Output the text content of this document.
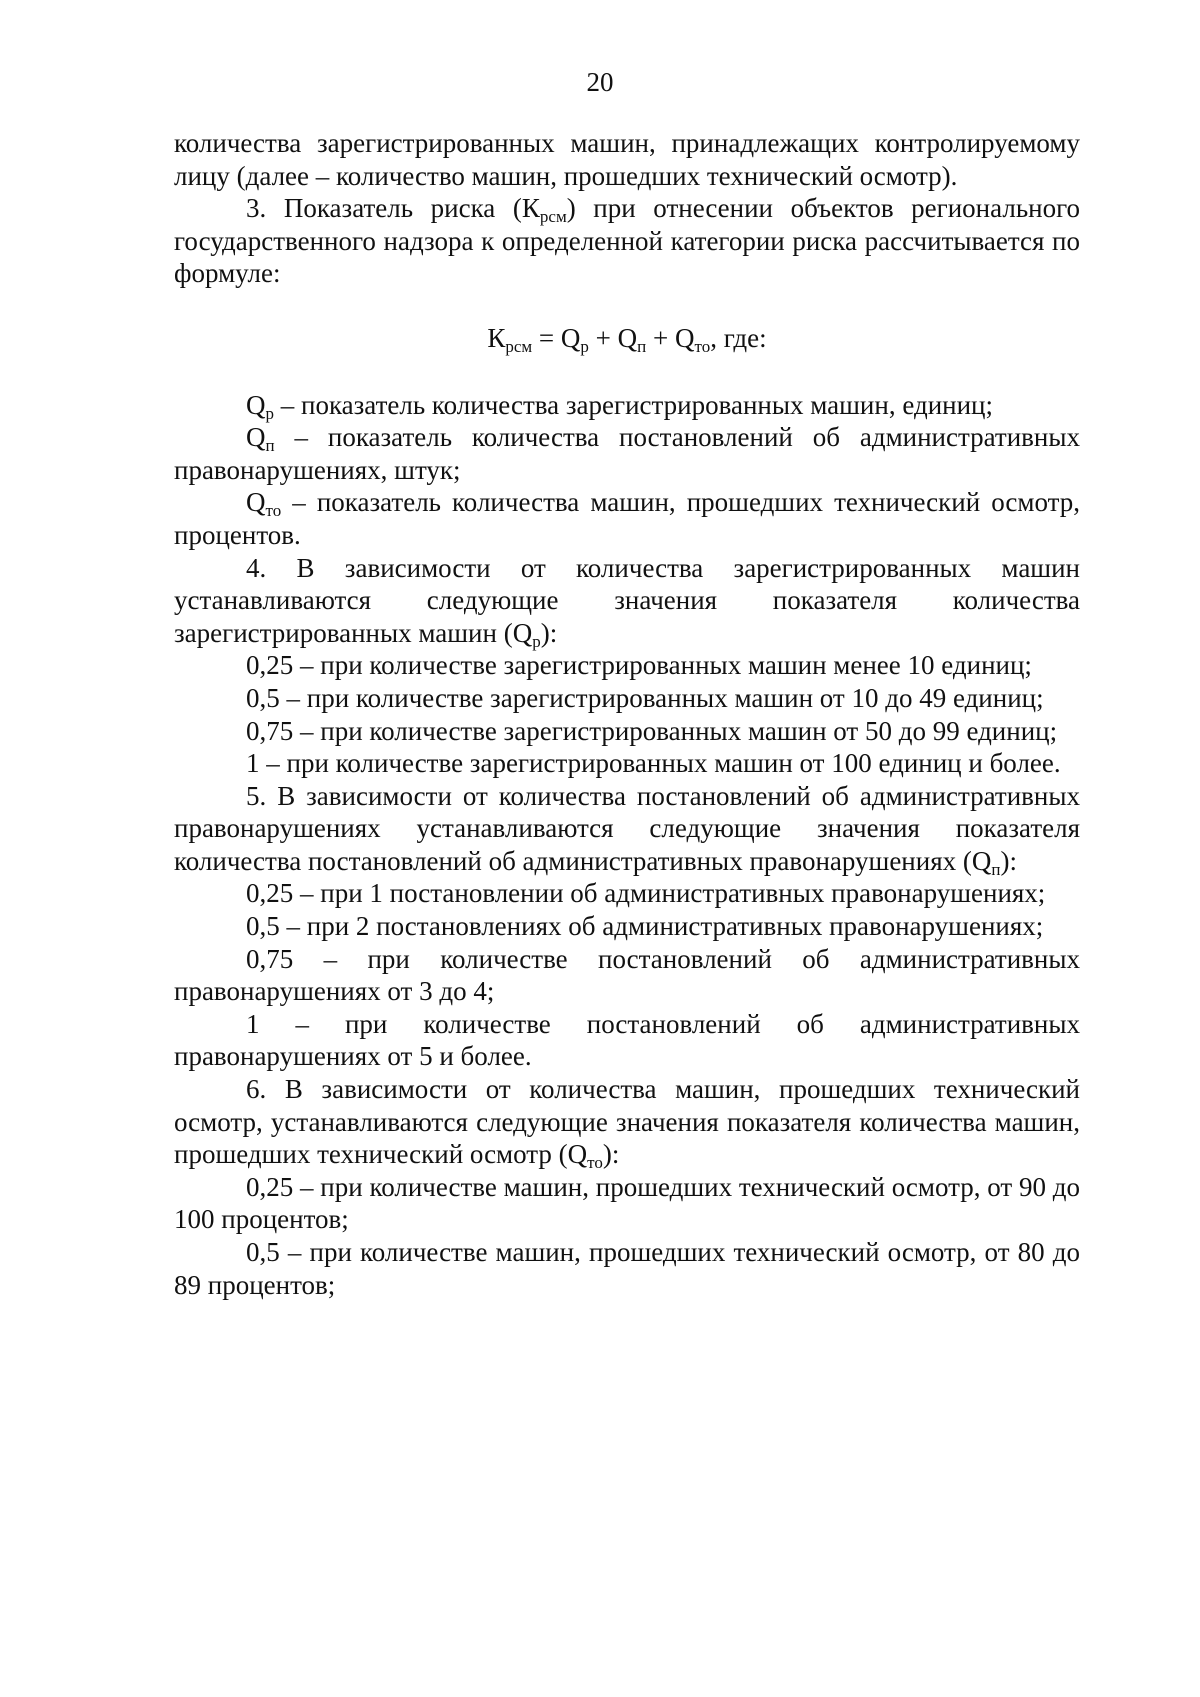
20

количества зарегистрированных машин, принадлежащих контролируемому лицу (далее – количество машин, прошедших технический осмотр).

3. Показатель риска $(К_{рсм})$ при отнесении объектов регионального государственного надзора к определенной категории риска рассчитывается по формуле:

$К_{рсм} = Q_р + Q_п + Q_{то}$, где:

$Q_р$ – показатель количества зарегистрированных машин, единиц;

$Q_п$ – показатель количества постановлений об административных правонарушениях, штук;

$Q_{то}$ – показатель количества машин, прошедших технический осмотр, процентов.

4. В зависимости от количества зарегистрированных машин устанавливаются следующие значения показателя количества зарегистрированных машин $(Q_р)$:

0,25 – при количестве зарегистрированных машин менее 10 единиц;

0,5 – при количестве зарегистрированных машин от 10 до 49 единиц;

0,75 – при количестве зарегистрированных машин от 50 до 99 единиц;

1 – при количестве зарегистрированных машин от 100 единиц и более.

5. В зависимости от количества постановлений об административных правонарушениях устанавливаются следующие значения показателя количества постановлений об административных правонарушениях $(Q_п)$:

0,25 – при 1 постановлении об административных правонарушениях;

0,5 – при 2 постановлениях об административных правонарушениях;

0,75 – при количестве постановлений об административных правонарушениях от 3 до 4;

1 – при количестве постановлений об административных правонарушениях от 5 и более.

6. В зависимости от количества машин, прошедших технический осмотр, устанавливаются следующие значения показателя количества машин, прошедших технический осмотр $(Q_{то})$:

0,25 – при количестве машин, прошедших технический осмотр, от 90 до 100 процентов;

0,5 – при количестве машин, прошедших технический осмотр, от 80 до 89 процентов;
